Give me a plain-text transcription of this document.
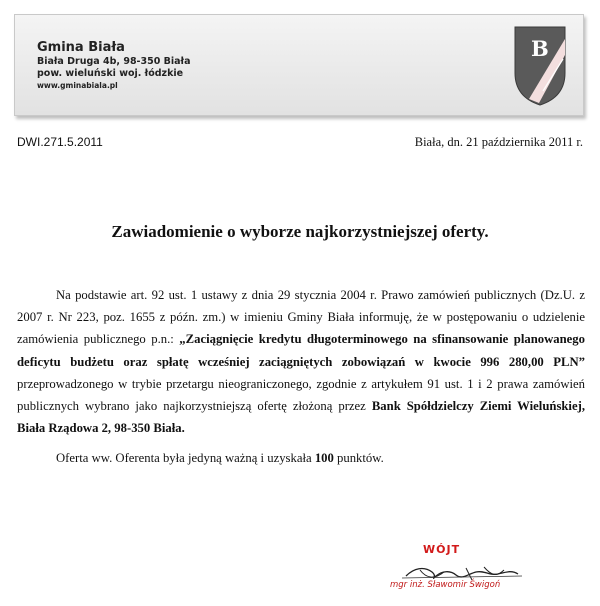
Gmina Biała
Biała Druga 4b, 98-350 Biała
pow. wieluński woj. łódzkie
www.gminabiala.pl
B
DWI.271.5.2011	Biała, dn. 21 października 2011 r.
Zawiadomienie o wyborze najkorzystniejszej oferty.

Na podstawie art. 92 ust. 1 ustawy z dnia 29 stycznia 2004 r. Prawo zamówień publicznych (Dz.U. z 2007 r. Nr 223, poz. 1655 z późn. zm.) w imieniu Gminy Biała informuję, że w postępowaniu o udzielenie zamówienia publicznego p.n.: „Zaciągnięcie kredytu długoterminowego na sfinansowanie planowanego deficytu budżetu oraz spłatę wcześniej zaciągniętych zobowiązań w kwocie 996 280,00 PLN” przeprowadzonego w trybie przetargu nieograniczonego, zgodnie z artykułem 91 ust. 1 i 2 prawa zamówień publicznych wybrano jako najkorzystniejszą ofertę złożoną przez Bank Spółdzielczy Ziemi Wieluńskiej, Biała Rządowa 2, 98-350 Biała.

Oferta ww. Oferenta była jedyną ważną i uzyskała 100 punktów.

WÓJT
mgr inż. Sławomir Świgoń
